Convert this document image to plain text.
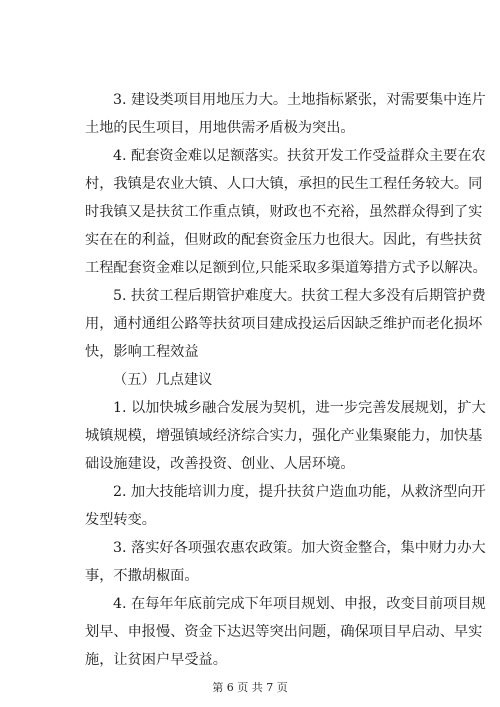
3. 建设类项目用地压力大。土地指标紧张，对需要集中连片
土地的民生项目，用地供需矛盾极为突出。
4. 配套资金难以足额落实。扶贫开发工作受益群众主要在农
村，我镇是农业大镇、人口大镇，承担的民生工程任务较大。同
时我镇又是扶贫工作重点镇，财政也不充裕，虽然群众得到了实
实在在的利益，但财政的配套资金压力也很大。因此，有些扶贫
工程配套资金难以足额到位,只能采取多渠道筹措方式予以解决。
5. 扶贫工程后期管护难度大。扶贫工程大多没有后期管护费
用，通村通组公路等扶贫项目建成投运后因缺乏维护而老化损坏
快，影响工程效益
（五）几点建议
1. 以加快城乡融合发展为契机，进一步完善发展规划，扩大
城镇规模，增强镇域经济综合实力，强化产业集聚能力，加快基
础设施建设，改善投资、创业、人居环境。
2. 加大技能培训力度，提升扶贫户造血功能，从救济型向开
发型转变。
3. 落实好各项强农惠农政策。加大资金整合，集中财力办大
事，不撒胡椒面。
4. 在每年年底前完成下年项目规划、申报，改变目前项目规
划早、申报慢、资金下达迟等突出问题，确保项目早启动、早实
施，让贫困户早受益。
第 6 页 共 7 页
